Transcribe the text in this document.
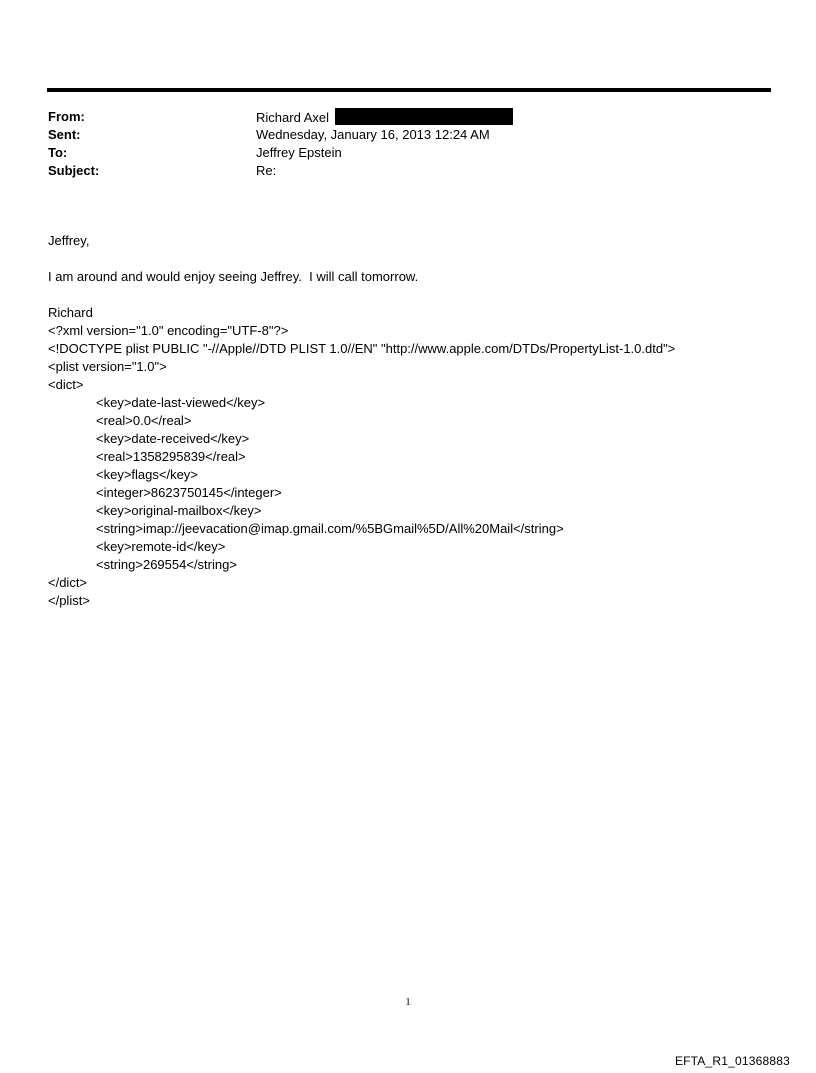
From:	Richard Axel
Sent:	Wednesday, January 16, 2013 12:24 AM
To:	Jeffrey Epstein
Subject:	Re:

Jeffrey,

I am around and would enjoy seeing Jeffrey.  I will call tomorrow.

Richard

<?xml version="1.0" encoding="UTF-8"?>

<!DOCTYPE plist PUBLIC "-//Apple//DTD PLIST 1.0//EN" "http://www.apple.com/DTDs/PropertyList-1.0.dtd">

<plist version="1.0">

<dict>

<key>date-last-viewed</key>

<real>0.0</real>

<key>date-received</key>

<real>1358295839</real>

<key>flags</key>

<integer>8623750145</integer>

<key>original-mailbox</key>

<string>imap://jeevacation@imap.gmail.com/%5BGmail%5D/All%20Mail</string>

<key>remote-id</key>

<string>269554</string>

</dict>

</plist>

1
EFTA_R1_01368883
